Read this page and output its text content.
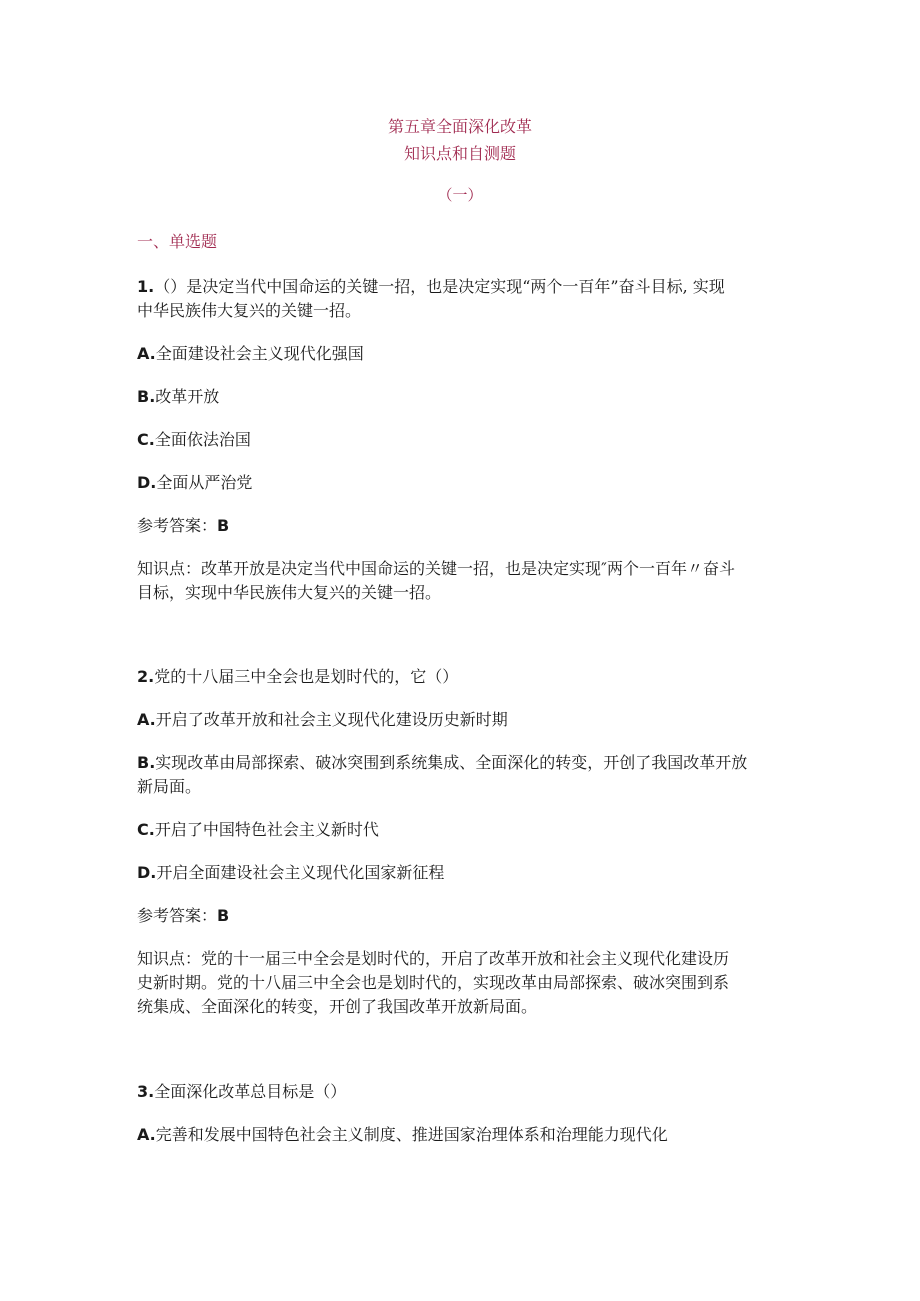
第五章全面深化改革
知识点和自测题
（一）
一、单选题
1.（）是决定当代中国命运的关键一招，也是决定实现“两个一百年”奋斗目标, 实现
中华民族伟大复兴的关键一招。
A.全面建设社会主义现代化强国
B.改革开放
C.全面依法治国
D.全面从严治党
参考答案：B
知识点：改革开放是决定当代中国命运的关键一招，也是决定实现″两个一百年〃奋斗
目标，实现中华民族伟大复兴的关键一招。
2.党的十八届三中全会也是划时代的，它（）
A.开启了改革开放和社会主义现代化建设历史新时期
B.实现改革由局部探索、破冰突围到系统集成、全面深化的转变，开创了我国改革开放
新局面。
C.开启了中国特色社会主义新时代
D.开启全面建设社会主义现代化国家新征程
参考答案：B
知识点：党的十一届三中全会是划时代的，开启了改革开放和社会主义现代化建设历
史新时期。党的十八届三中全会也是划时代的，实现改革由局部探索、破冰突围到系
统集成、全面深化的转变，开创了我国改革开放新局面。
3.全面深化改革总目标是（）
A.完善和发展中国特色社会主义制度、推进国家治理体系和治理能力现代化
